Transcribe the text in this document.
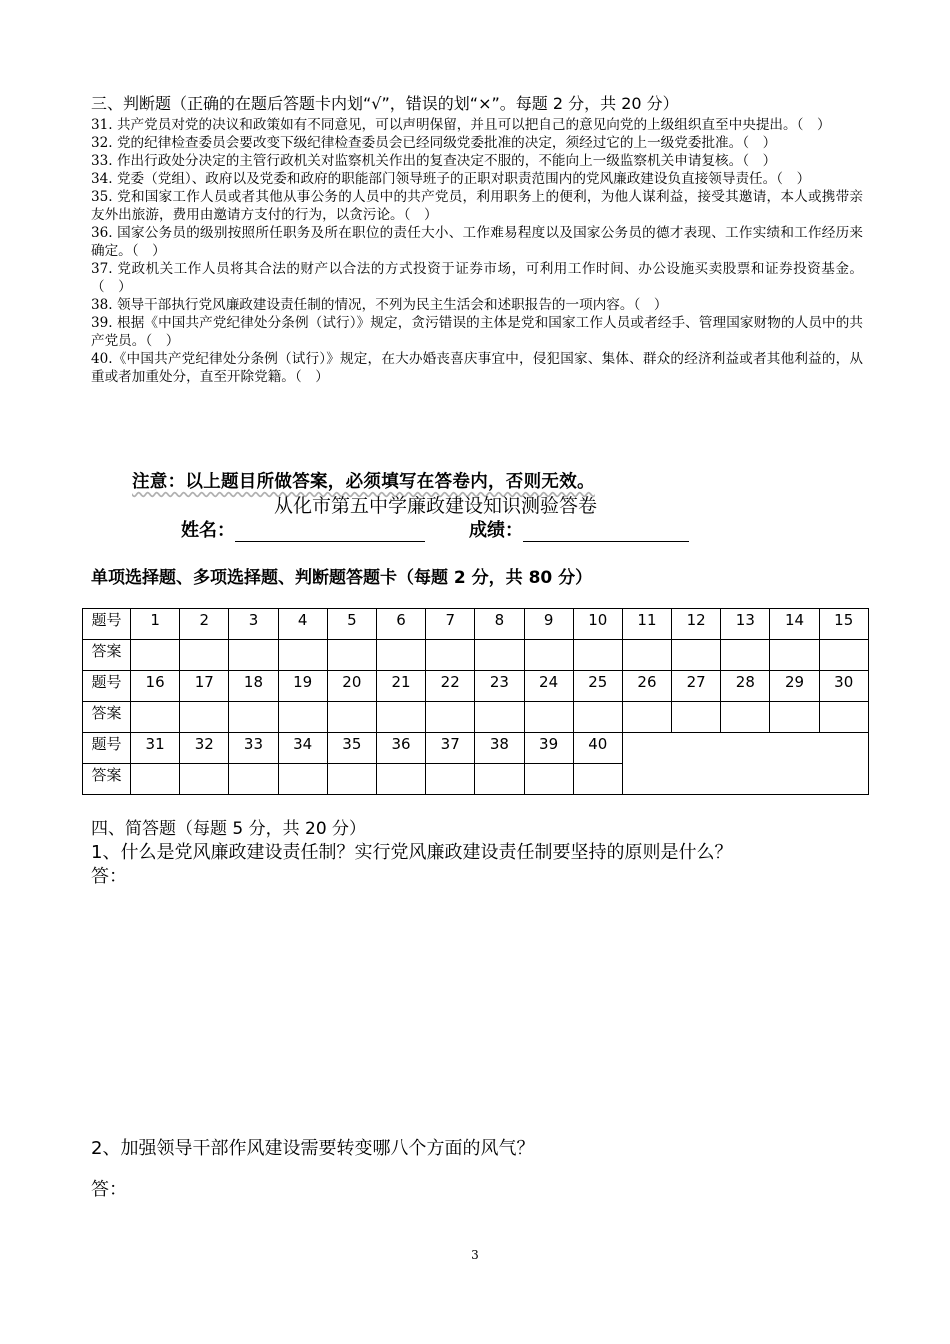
三、判断题（正确的在题后答题卡内划“√”，错误的划“×”。每题 2 分，共 20 分）

31. 共产党员对党的决议和政策如有不同意见，可以声明保留，并且可以把自己的意见向党的上级组织直至中央提出。（　）

32. 党的纪律检查委员会要改变下级纪律检查委员会已经同级党委批准的决定，须经过它的上一级党委批准。（　）

33. 作出行政处分决定的主管行政机关对监察机关作出的复查决定不服的，不能向上一级监察机关申请复核。（　）

34. 党委（党组）、政府以及党委和政府的职能部门领导班子的正职对职责范围内的党风廉政建设负直接领导责任。（　）

35. 党和国家工作人员或者其他从事公务的人员中的共产党员，利用职务上的便利，为他人谋利益，接受其邀请，本人或携带亲友外出旅游，费用由邀请方支付的行为，以贪污论。（　）

36. 国家公务员的级别按照所任职务及所在职位的责任大小、工作难易程度以及国家公务员的德才表现、工作实绩和工作经历来确定。（　）

37. 党政机关工作人员将其合法的财产以合法的方式投资于证券市场，可利用工作时间、办公设施买卖股票和证券投资基金。（　）

38. 领导干部执行党风廉政建设责任制的情况，不列为民主生活会和述职报告的一项内容。（　）

39. 根据《中国共产党纪律处分条例（试行）》规定，贪污错误的主体是党和国家工作人员或者经手、管理国家财物的人员中的共产党员。（　）

40.《中国共产党纪律处分条例（试行）》规定，在大办婚丧喜庆事宜中，侵犯国家、集体、群众的经济利益或者其他利益的，从重或者加重处分，直至开除党籍。（　）

注意：以上题目所做答案，必须填写在答卷内，否则无效。
从化市第五中学廉政建设知识测验答卷
姓名：	成绩：
单项选择题、多项选择题、判断题答题卡（每题 2 分，共 80 分）
题号	1	2	3	4	5	6	7	8	9	10	11	12	13	14	15
答案															
题号	16	17	18	19	20	21	22	23	24	25	26	27	28	29	30
答案															
题号	31	32	33	34	35	36	37	38	39	40					
答案															
四、简答题（每题 5 分，共 20 分）
1、什么是党风廉政建设责任制？实行党风廉政建设责任制要坚持的原则是什么？
答：
2、加强领导干部作风建设需要转变哪八个方面的风气？
答：
3
